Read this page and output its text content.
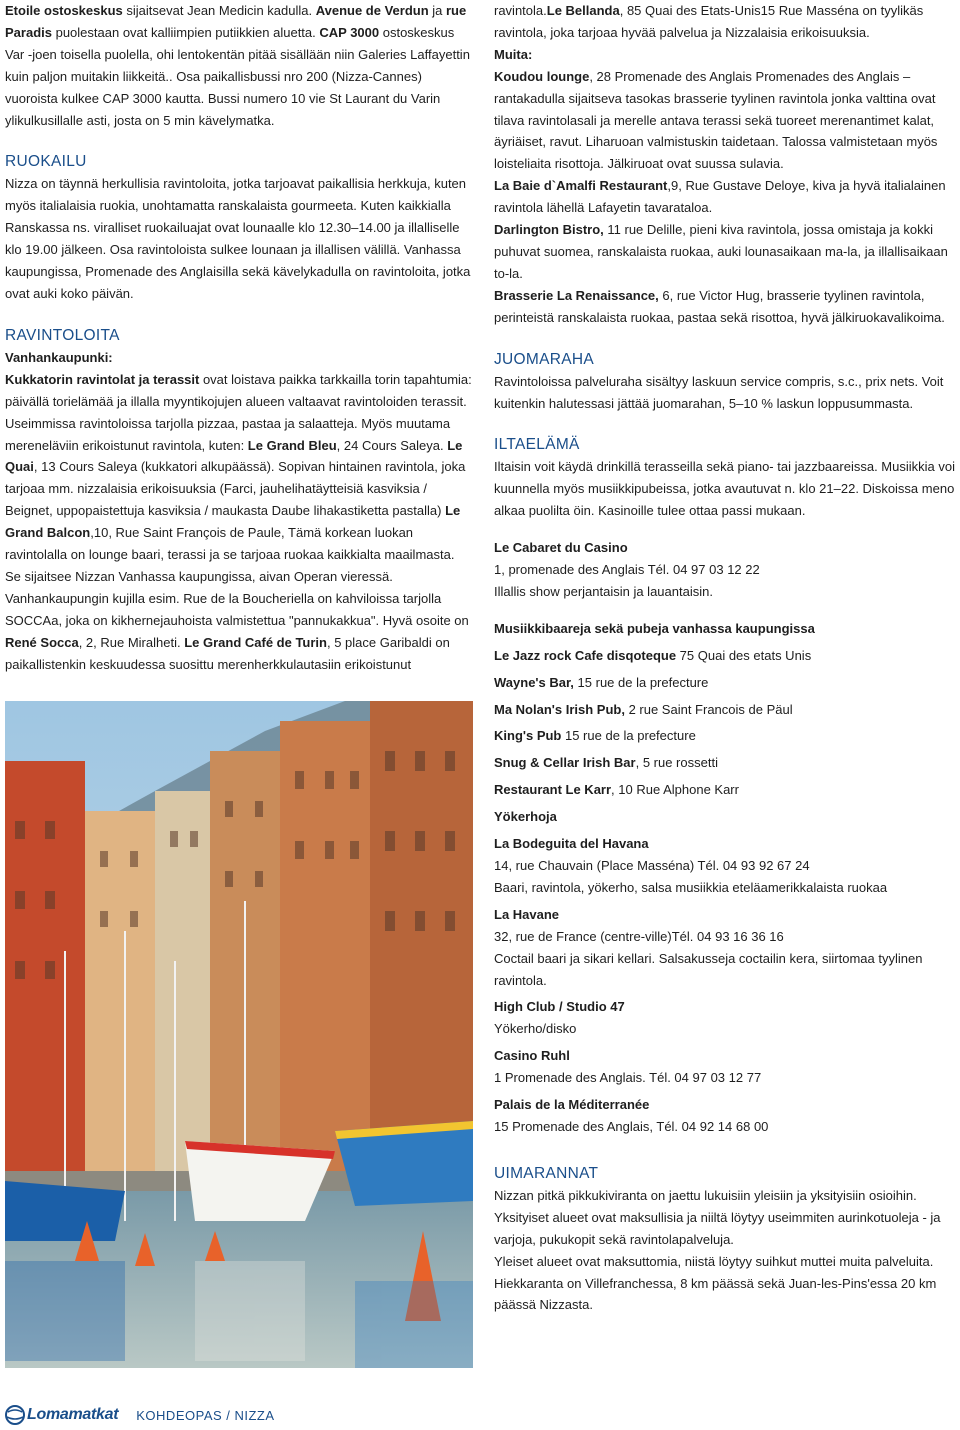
Etoile ostoskeskus sijaitsevat Jean Medicin kadulla. Avenue de Verdun ja rue Paradis puolestaan ovat kalliimpien putiikkien aluetta. CAP 3000 ostoskeskus Var -joen toisella puolella, ohi lentokentän pitää sisällään niin Galeries Laffayettin kuin paljon muitakin liikkeitä.. Osa paikallisbussi nro 200 (Nizza-Cannes) vuoroista kulkee CAP 3000 kautta. Bussi numero 10 vie St Laurant du Varin ylikulkusillalle asti, josta on 5 min kävelymatka.

RUOKAILU

Nizza on täynnä herkullisia ravintoloita, jotka tarjoavat paikallisia herkkuja, kuten myös italialaisia ruokia, unohtamatta ranskalaista gourmeeta. Kuten kaikkialla Ranskassa ns. viralliset ruokailuajat ovat lounaalle klo 12.30–14.00 ja illalliselle klo 19.00 jälkeen. Osa ravintoloista sulkee lounaan ja illallisen välillä. Vanhassa kaupungissa, Promenade des Anglaisilla sekä kävelykadulla on ravintoloita, jotka ovat auki koko päivän.

RAVINTOLOITA

Vanhankaupunki:

Kukkatorin ravintolat ja terassit ovat loistava paikka tarkkailla torin tapahtumia: päivällä torielämää ja illalla myyntikojujen alueen valtaavat ravintoloiden terassit. Useimmissa ravintoloissa tarjolla pizzaa, pastaa ja salaatteja. Myös muutama mereneläviin erikoistunut ravintola, kuten: Le Grand Bleu, 24 Cours Saleya. Le Quai, 13 Cours Saleya (kukkatori alkupäässä). Sopivan hintainen ravintola, joka tarjoaa mm. nizzalaisia erikoisuuksia (Farci, jauhelihatäytteisiä kasviksia / Beignet, uppopaistettuja kasviksia / maukasta Daube lihakastiketta pastalla) Le Grand Balcon,10, Rue Saint François de Paule, Tämä korkean luokan ravintolalla on lounge baari, terassi ja se tarjoaa ruokaa kaikkialta maailmasta. Se sijaitsee Nizzan Vanhassa kaupungissa, aivan Operan vieressä. Vanhankaupungin kujilla esim. Rue de la Boucheriella on kahviloissa tarjolla SOCCAa, joka on kikhernejauhoista valmistettua "pannukakkua". Hyvä osoite on René Socca, 2, Rue Miralheti. Le Grand Café de Turin, 5 place Garibaldi on paikallistenkin keskuudessa suosittu merenherkkulautasiin erikoistunut

ravintola.Le Bellanda, 85 Quai des Etats-Unis15 Rue Masséna on tyylikäs ravintola, joka tarjoaa hyvää palvelua ja Nizzalaisia erikoisuuksia.

Muita:

Koudou lounge, 28 Promenade des Anglais Promenades des Anglais – rantakadulla sijaitseva tasokas brasserie tyylinen ravintola jonka valttina ovat tilava ravintolasali ja merelle antava terassi sekä tuoreet merenantimet kalat, äyriäiset, ravut. Liharuoan valmistuskin taidetaan. Talossa valmistetaan myös loisteliaita risottoja. Jälkiruoat ovat suussa sulavia.

La Baie d`Amalfi Restaurant,9, Rue Gustave Deloye, kiva ja hyvä italialainen ravintola lähellä Lafayetin tavarataloa.

Darlington Bistro, 11 rue Delille, pieni kiva ravintola, jossa omistaja ja kokki puhuvat suomea, ranskalaista ruokaa, auki lounasaikaan ma-la, ja illallisaikaan to-la.

Brasserie La Renaissance, 6, rue Victor Hug, brasserie tyylinen ravintola, perinteistä ranskalaista ruokaa, pastaa sekä risottoa, hyvä jälkiruokavalikoima.

JUOMARAHA

Ravintoloissa palveluraha sisältyy laskuun service compris, s.c., prix nets. Voit kuitenkin halutessasi jättää juomarahan, 5–10 % laskun loppusummasta.

ILTAELÄMÄ

Iltaisin voit käydä drinkillä terasseilla sekä piano- tai jazzbaareissa. Musiikkia voi kuunnella myös musiikkipubeissa, jotka avautuvat n. klo 21–22. Diskoissa meno alkaa puolilta öin. Kasinoille tulee ottaa passi mukaan.

Le Cabaret du Casino

1, promenade des Anglais Tél. 04 97 03 12 22

Illallis show perjantaisin ja lauantaisin.

Musiikkibaareja sekä pubeja vanhassa kaupungissa

Le Jazz rock Cafe disqoteque 75 Quai des etats Unis

Wayne's Bar, 15 rue de la prefecture

Ma Nolan's Irish Pub, 2 rue Saint Francois de Päul

King's Pub 15 rue de la prefecture

Snug & Cellar Irish Bar, 5 rue rossetti

Restaurant Le Karr, 10 Rue Alphone Karr

Yökerhoja

La Bodeguita del Havana

14, rue Chauvain (Place Masséna) Tél. 04 93 92 67 24

Baari, ravintola, yökerho, salsa musiikkia eteläamerikkalaista ruokaa

La Havane

32, rue de France (centre-ville)Tél. 04 93 16 36 16

Coctail baari ja sikari kellari. Salsakusseja coctailin kera, siirtomaa tyylinen ravintola.

High Club / Studio 47

Yökerho/disko

Casino Ruhl

1 Promenade des Anglais. Tél. 04 97 03 12 77

Palais de la Méditerranée

15 Promenade des Anglais, Tél. 04 92 14 68 00

UIMARANNAT

Nizzan pitkä pikkukiviranta on jaettu lukuisiin yleisiin ja yksityisiin osioihin. Yksityiset alueet ovat maksullisia ja niiltä löytyy useimmiten aurinkotuoleja - ja varjoja, pukukopit sekä ravintolapalveluja.

Yleiset alueet ovat maksuttomia, niistä löytyy suihkut muttei muita palveluita. Hiekkaranta on Villefranchessa, 8 km päässä sekä Juan-les-Pins'essa 20 km päässä Nizzasta.

Lomamatkat KOHDEOPAS / NIZZA
